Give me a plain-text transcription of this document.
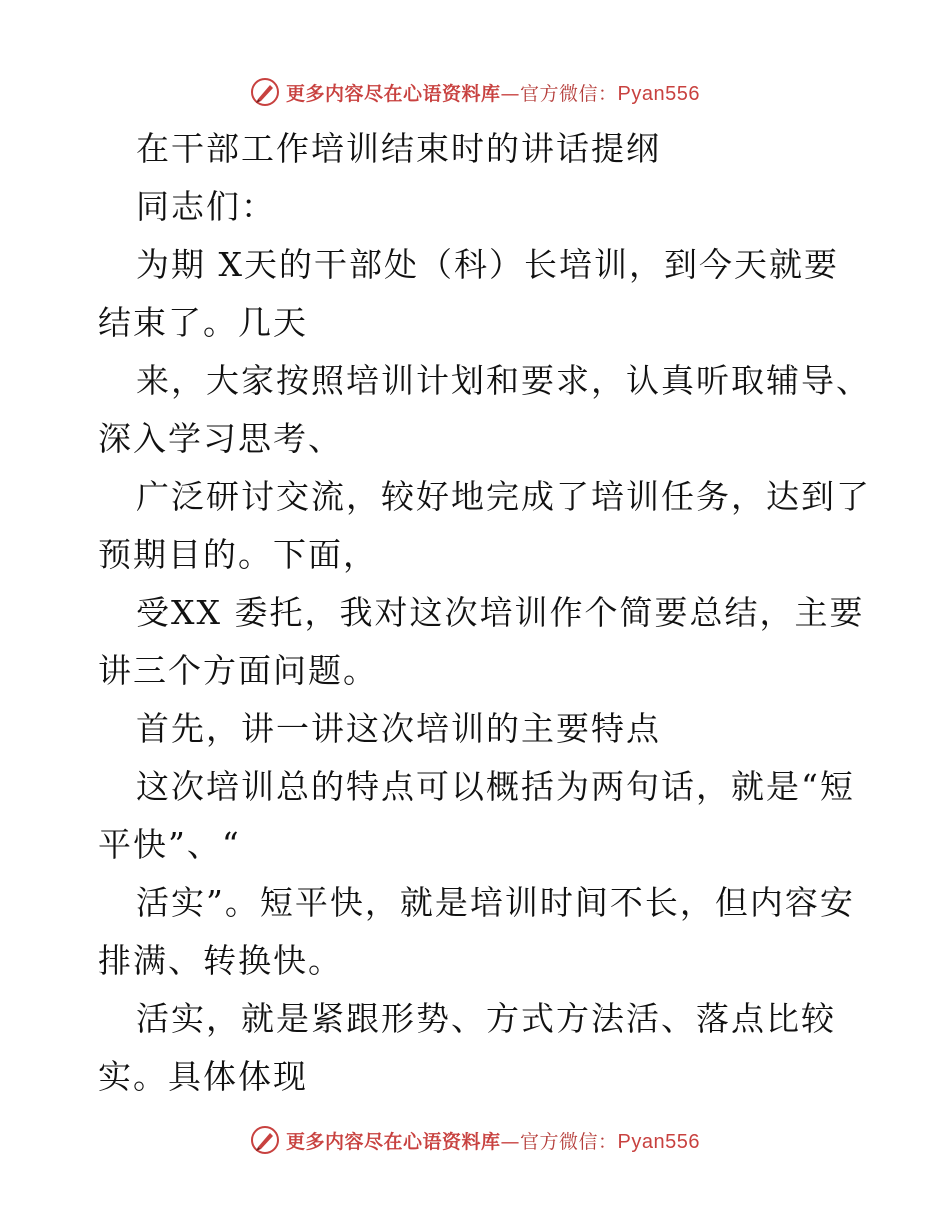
更多内容尽在心语资料库—官方微信：Pyan556

在干部工作培训结束时的讲话提纲

同志们：

为期 X天的干部处（科）长培训，到今天就要

结束了。几天

来，大家按照培训计划和要求，认真听取辅导、

深入学习思考、

广泛研讨交流，较好地完成了培训任务，达到了

预期目的。下面，

受XX 委托，我对这次培训作个简要总结，主要

讲三个方面问题。

首先，讲一讲这次培训的主要特点

这次培训总的特点可以概括为两句话，就是“短

平快”、“

活实”。短平快，就是培训时间不长，但内容安

排满、转换快。

活实，就是紧跟形势、方式方法活、落点比较

实。具体体现

更多内容尽在心语资料库—官方微信：Pyan556
